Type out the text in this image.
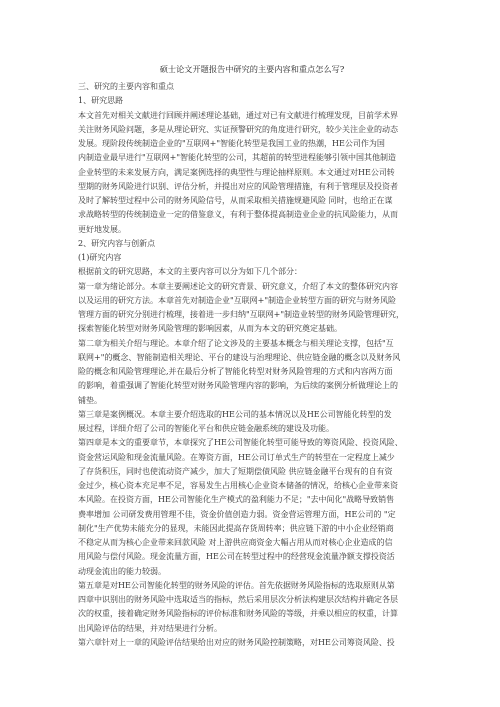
硕士论文开题报告中研究的主要内容和重点怎么写?

三、研究的主要内容和重点

1、研究思路

本文首先对相关文献进行回顾并阐述理论基础，通过对已有文献进行梳理发现，目前学术界

关注财务风险问题，多是从理论研究、实证预警研究的角度进行研究，较少关注企业的动态

发展。现阶段传统制造企业的"互联网+"智能化转型是我国工业的热潮，HE公司作为国

内制造业最早进行"互联网+"智能化转型的公司，其超前的转型进程能够引领中国其他制造

企业转型的未来发展方向，满足案例选择的典型性与理论抽样原则。本文通过对HE公司转

型期的财务风险进行识别、评估分析，并提出对应的风险管理措施，有利于管理层及投资者

及时了解转型过程中公司的财务风险信号，从而采取相关措施规避风险 同时，也给正在谋

求战略转型的传统制造业一定的借鉴意义，有利于整体提高制造业企业的抗风险能力，从而

更好地发展。

2、研究内容与创新点

(1)研究内容

根据前文的研究思路，本文的主要内容可以分为如下几个部分：

第一章为绪论部分。本章主要阐述论文的研究背景、研究意义，介绍了本文的整体研究内容

以及运用的研究方法。本章首先对制造企业"互联网+"制造企业转型方面的研究与财务风险

管理方面的研究分别进行梳理，接着进一步归纳"互联网+"制造业转型的财务风险管理研究，

探索智能化转型对财务风险管理的影响因素，从而为本文的研究奠定基础。

第二章为相关介绍与理论。本章介绍了论文涉及的主要基本概念与相关理论支撑，包括"互

联网+"的概念、智能制造相关理论、平台的建设与治理理论、供应链金融的概念以及财务风

险的概念和风险管理理论,并在最后分析了智能化转型对财务风险管理的方式和内容两方面

的影响，着重强调了智能化转型对财务风险管理内容的影响，为后续的案例分析做理论上的

铺垫。

第三章是案例概况。本章主要介绍选取的HE公司的基本情况以及HE公司智能化转型的发

展过程，详细介绍了公司的智能化平台和供应链金融系统的建设及功能。

第四章是本文的重要章节，本章探究了HE公司智能化转型可能导致的筹资风险、投资风险、

资金营运风险和现金流量风险。在筹资方面，HE公司订单式生产的转型在一定程度上减少

了存货积压，同时也使流动资产减少，加大了短期偿债风险 供应链金融平台现有的自有资

金过少，核心资本充足率不足，容易发生占用核心企业资本储备的情况，给核心企业带来资

本风险。在投资方面，HE公司智能化生产模式的盈利能力不足；"去中间化"战略导致销售

费率增加 公司研发费用管理不佳，资金价值创造力弱。资金营运管理方面，HE公司的 "定

制化"生产优势未能充分的显现，未能因此提高存货周转率；供应链下游的中小企业经销商

不稳定从而为核心企业带来回款风险 对上游供应商资金大幅占用从而对核心企业造成的信

用风险与偿付风险。现金流量方面，HE公司在转型过程中的经营现金流量净额支撑投资活

动现金流出的能力较弱。

第五章是对HE公司智能化转型的财务风险的评估。首先依据财务风险指标的选取原则从第

四章中识别出的财务风险中选取适当的指标，然后采用层次分析法构建层次结构并确定各层

次的权重，接着确定财务风险指标的评价标准和财务风险的等级，并乘以相应的权重，计算

出风险评估的结果，并对结果进行分析。

第六章针对上一章的风险评估结果给出对应的财务风险控制策略，对HE公司筹资风险、投
